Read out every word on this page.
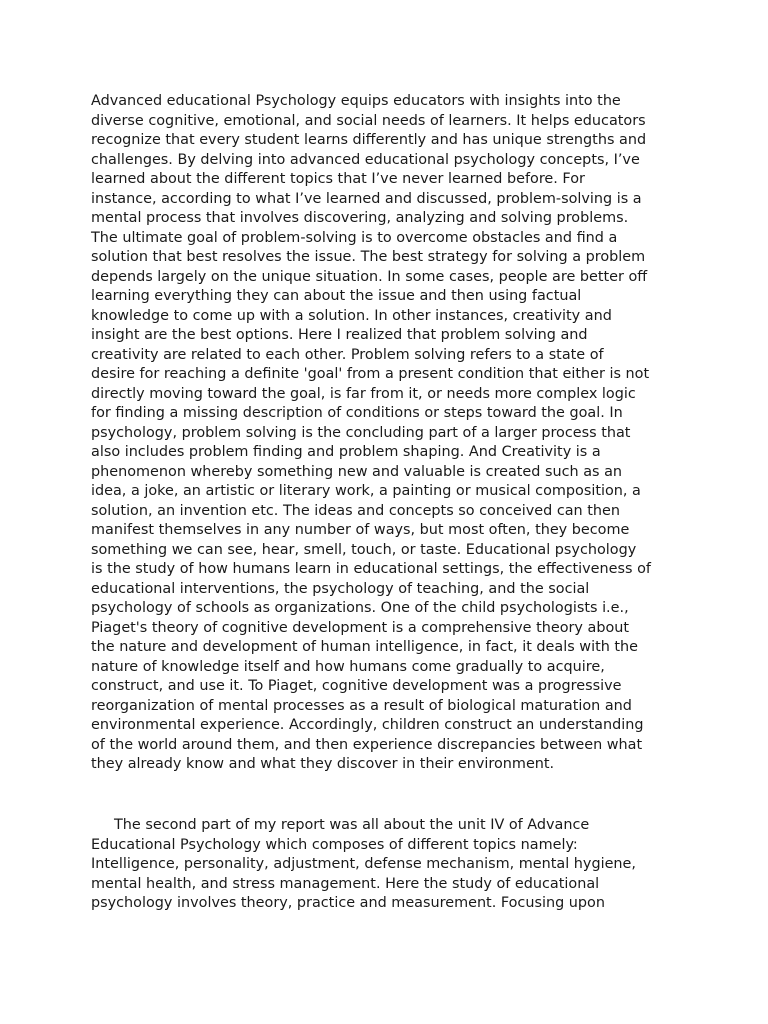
Advanced educational Psychology equips educators with insights into the
diverse cognitive, emotional, and social needs of learners. It helps educators
recognize that every student learns differently and has unique strengths and
challenges. By delving into advanced educational psychology concepts, I’ve
learned about the different topics that I’ve never learned before. For
instance, according to what I’ve learned and discussed, problem-solving is a
mental process that involves discovering, analyzing and solving problems.
The ultimate goal of problem-solving is to overcome obstacles and find a
solution that best resolves the issue. The best strategy for solving a problem
depends largely on the unique situation. In some cases, people are better off
learning everything they can about the issue and then using factual
knowledge to come up with a solution. In other instances, creativity and
insight are the best options. Here I realized that problem solving and
creativity are related to each other. Problem solving refers to a state of
desire for reaching a definite 'goal' from a present condition that either is not
directly moving toward the goal, is far from it, or needs more complex logic
for finding a missing description of conditions or steps toward the goal. In
psychology, problem solving is the concluding part of a larger process that
also includes problem finding and problem shaping. And Creativity is a
phenomenon whereby something new and valuable is created such as an
idea, a joke, an artistic or literary work, a painting or musical composition, a
solution, an invention etc. The ideas and concepts so conceived can then
manifest themselves in any number of ways, but most often, they become
something we can see, hear, smell, touch, or taste. Educational psychology
is the study of how humans learn in educational settings, the effectiveness of
educational interventions, the psychology of teaching, and the social
psychology of schools as organizations. One of the child psychologists i.e.,
Piaget's theory of cognitive development is a comprehensive theory about
the nature and development of human intelligence, in fact, it deals with the
nature of knowledge itself and how humans come gradually to acquire,
construct, and use it. To Piaget, cognitive development was a progressive
reorganization of mental processes as a result of biological maturation and
environmental experience. Accordingly, children construct an understanding
of the world around them, and then experience discrepancies between what
they already know and what they discover in their environment.
The second part of my report was all about the unit IV of Advance
Educational Psychology which composes of different topics namely:
Intelligence, personality, adjustment, defense mechanism, mental hygiene,
mental health, and stress management. Here the study of educational
psychology involves theory, practice and measurement. Focusing upon
